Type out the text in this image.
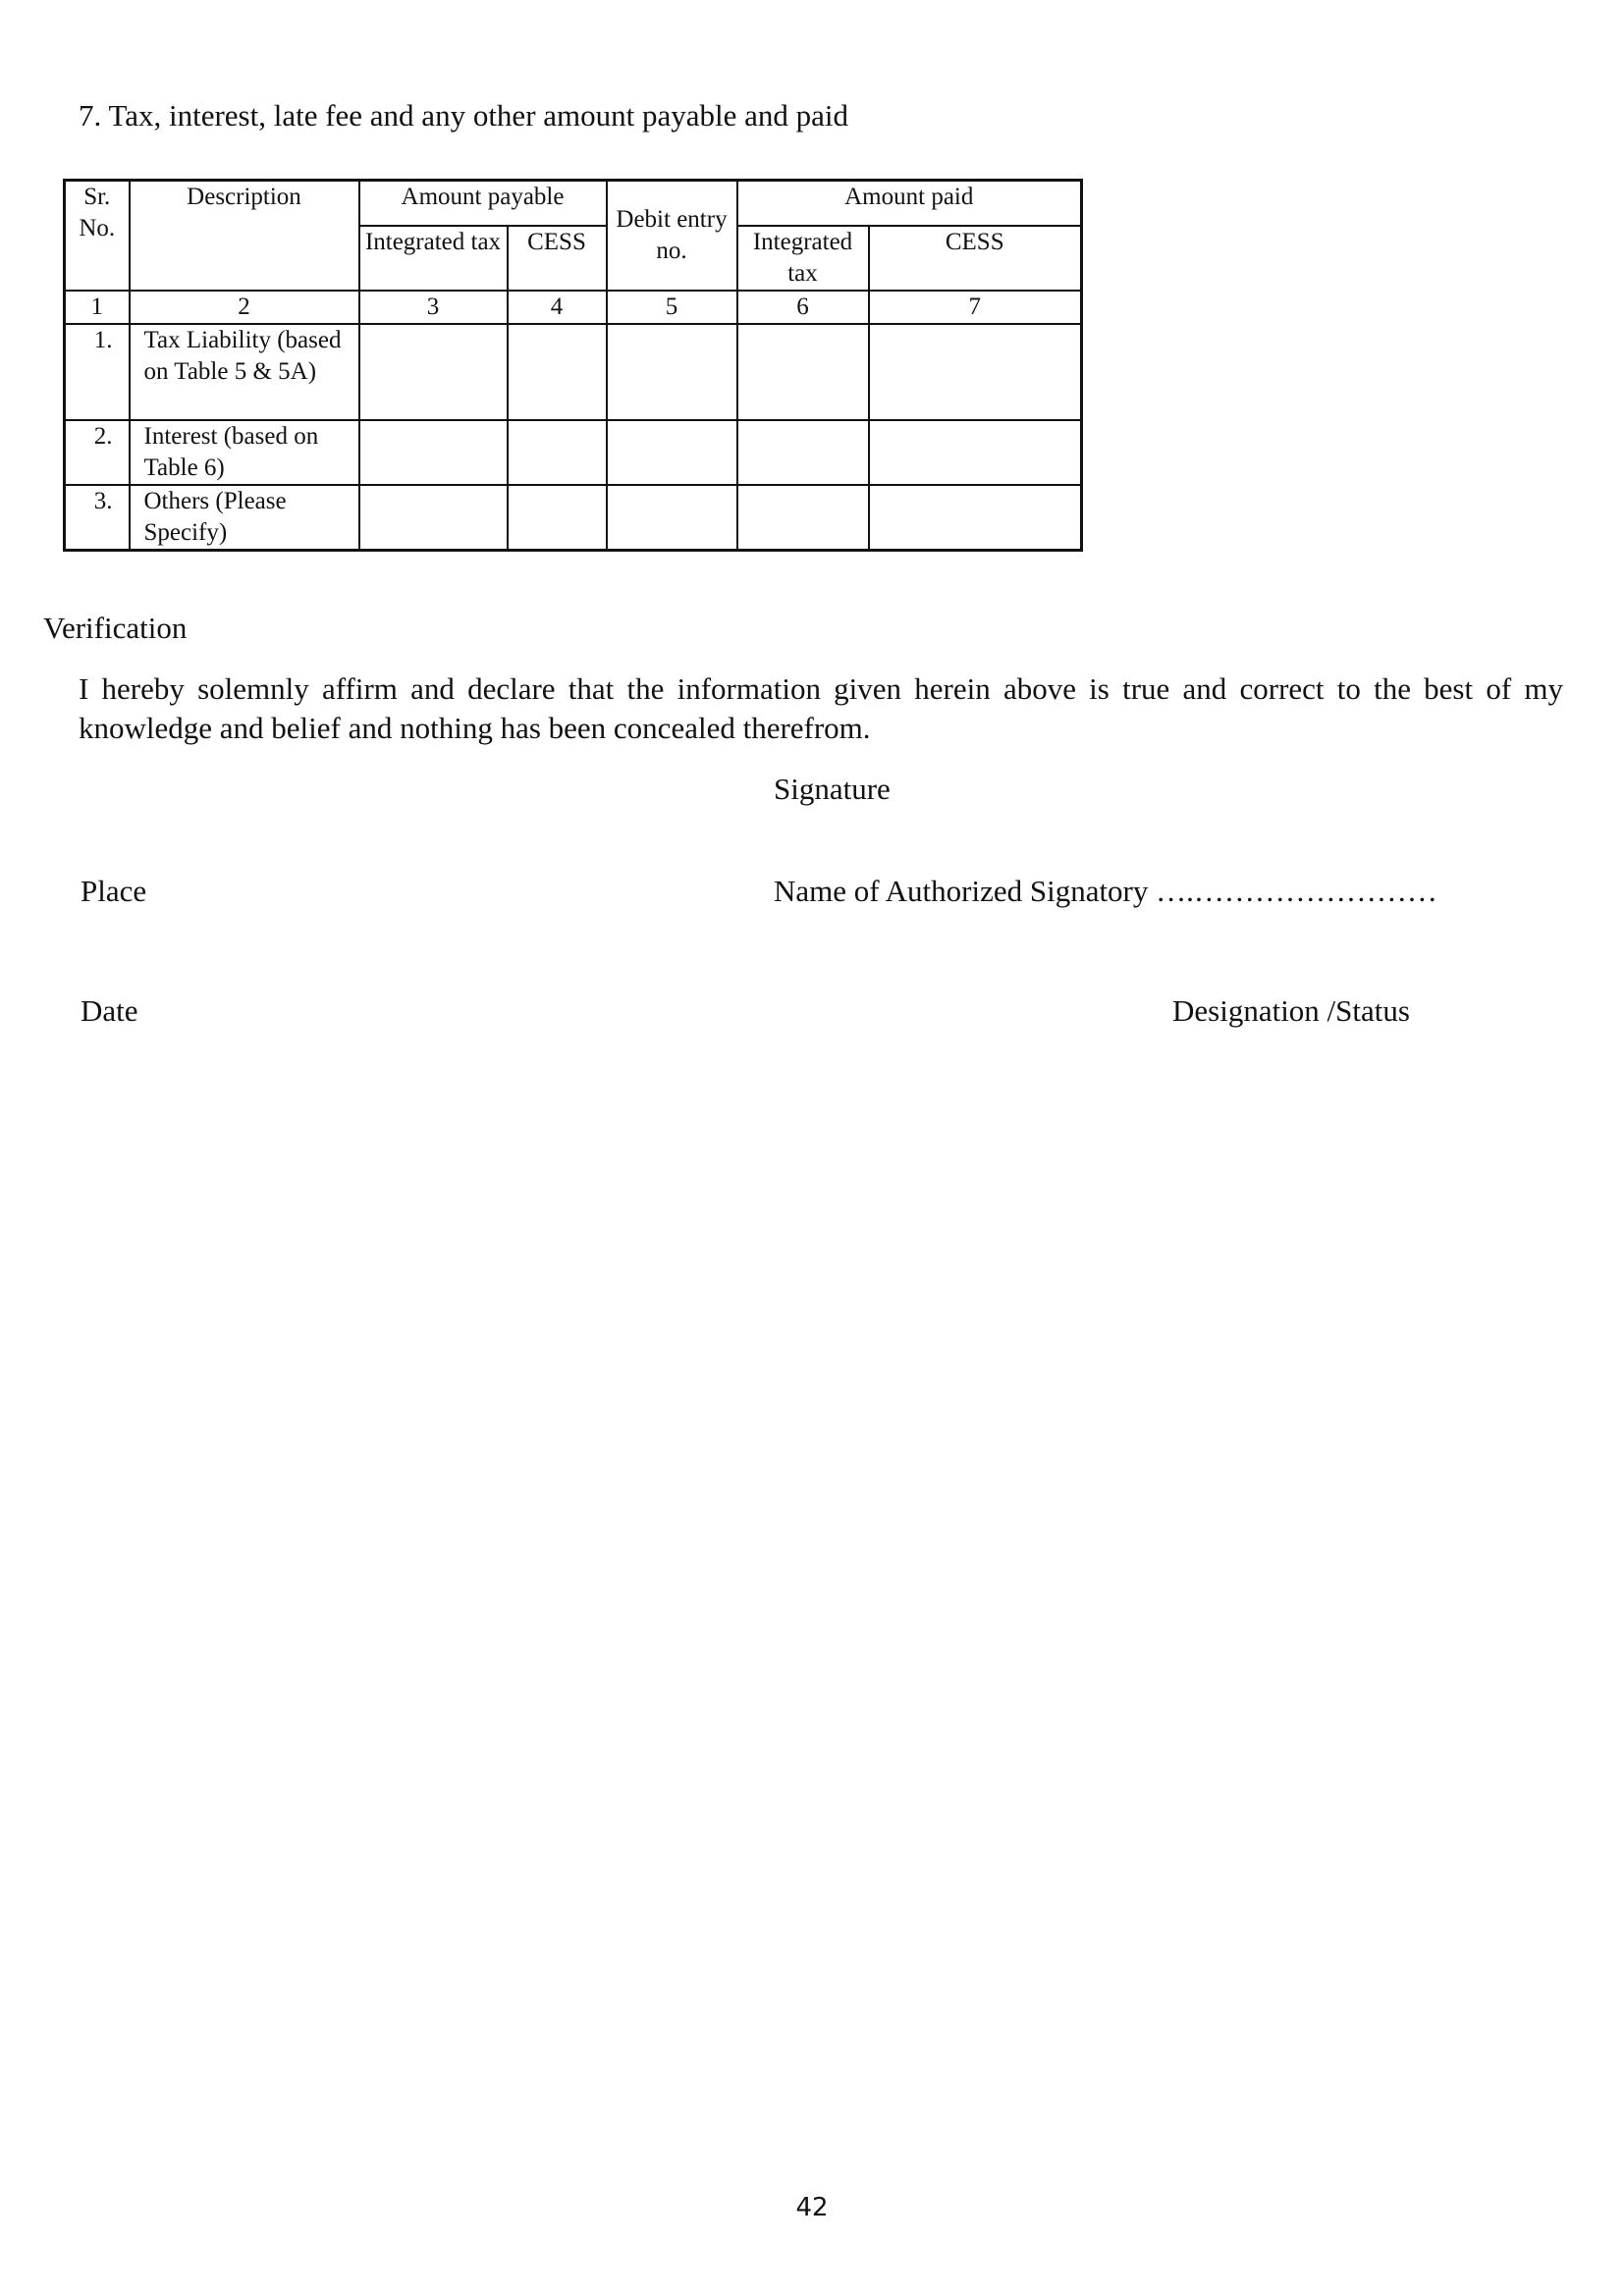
7. Tax, interest, late fee and any other amount payable and paid
Sr. No.	Description	Amount payable		Debit entry no.	Amount paid	
		Integrated tax	CESS		Integrated tax	CESS
1	2	3	4	5	6	7
1.	Tax Liability (based on Table 5 & 5A)					
2.	Interest (based on Table 6)					
3.	Others (Please Specify)					
Verification
I hereby solemnly affirm and declare that the information given herein above is true and correct to the best of my knowledge and belief and nothing has been concealed therefrom.
Signature
Place	Name of Authorized Signatory ….……………………
Date	Designation /Status
42
